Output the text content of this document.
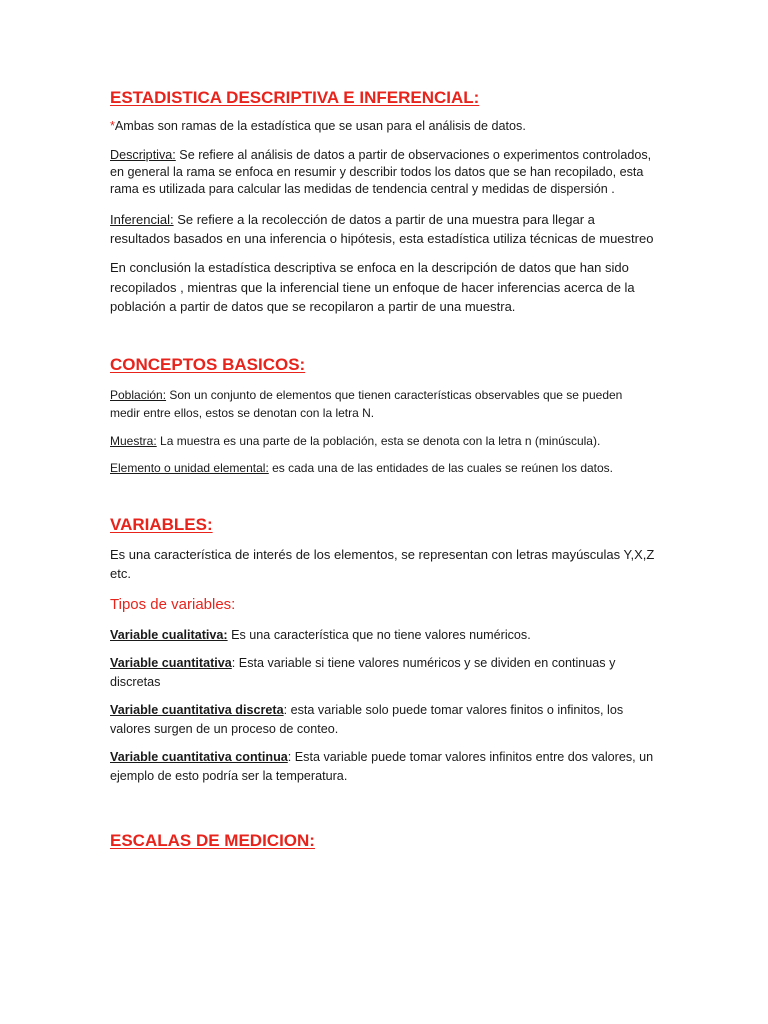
ESTADISTICA DESCRIPTIVA E INFERENCIAL:

*Ambas son ramas de la estadística que se usan para el análisis de datos.

Descriptiva: Se refiere al análisis de datos a partir de observaciones o experimentos controlados, en general la rama se enfoca en resumir y describir todos los datos que se han recopilado, esta rama es utilizada para calcular las medidas de tendencia central y medidas de dispersión .

Inferencial: Se refiere a la recolección de datos a partir de una muestra para llegar a resultados basados en una inferencia o hipótesis, esta estadística utiliza técnicas de muestreo

En conclusión la estadística descriptiva se enfoca en la descripción de datos que han sido recopilados , mientras que la inferencial tiene un enfoque de hacer inferencias acerca de la población a partir de datos que se recopilaron a partir de una muestra.

CONCEPTOS BASICOS:

Población: Son un conjunto de elementos que tienen características observables que se pueden medir entre ellos, estos se denotan con la letra N.

Muestra: La muestra es una parte de la población, esta se denota con la letra n (minúscula).

Elemento o unidad elemental: es cada una de las entidades de las cuales se reúnen los datos.

VARIABLES:

Es una característica de interés de los elementos, se representan con letras mayúsculas Y,X,Z etc.

Tipos de variables:

Variable cualitativa: Es una característica que no tiene valores numéricos.

Variable cuantitativa: Esta variable si tiene valores numéricos y se dividen en continuas y discretas

Variable cuantitativa discreta: esta variable solo puede tomar valores finitos o infinitos, los valores surgen de un proceso de conteo.

Variable cuantitativa continua: Esta variable puede tomar valores infinitos entre dos valores, un ejemplo de esto podría ser la temperatura.

ESCALAS DE MEDICION:
